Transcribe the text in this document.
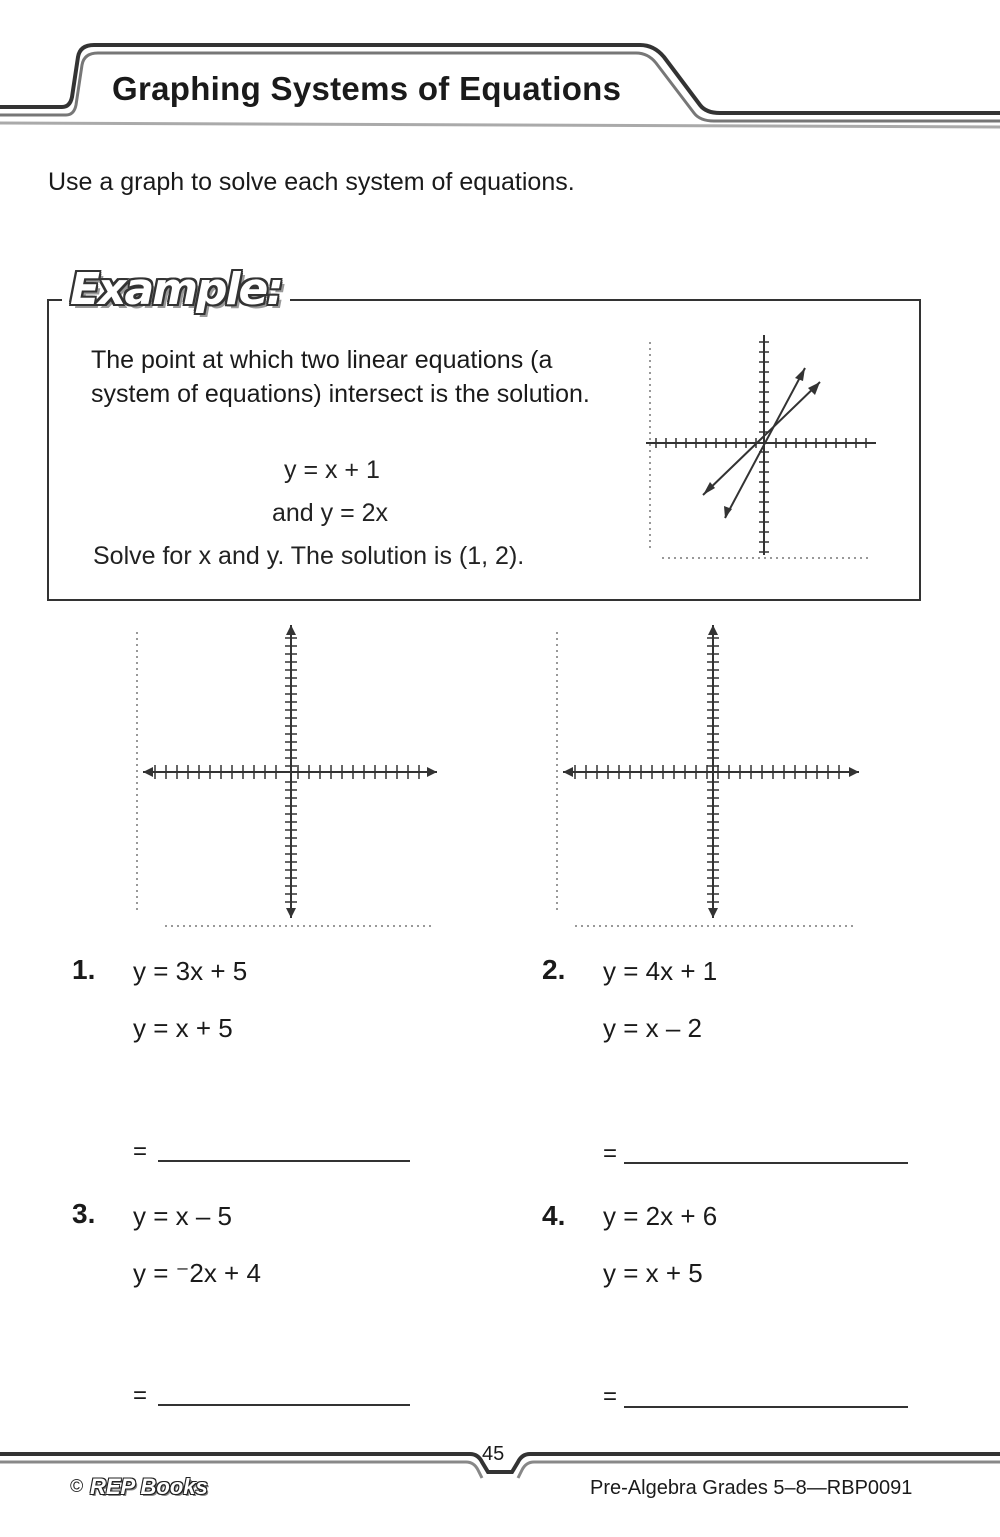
Graphing Systems of Equations
Use a graph to solve each system of equations.
Example:
The point at which two linear equations (a system of equations) intersect is the solution.
y = x + 1
and y = 2x
Solve for x and y. The solution is (1, 2).
1. y = 3x + 5
y = x + 5
=
2. y = 4x + 1
y = x – 2
=
3. y = x – 5
y = ⁻2x + 4
=
4. y = 2x + 6
y = x + 5
=
45
© REP Books	Pre-Algebra Grades 5–8—RBP0091
